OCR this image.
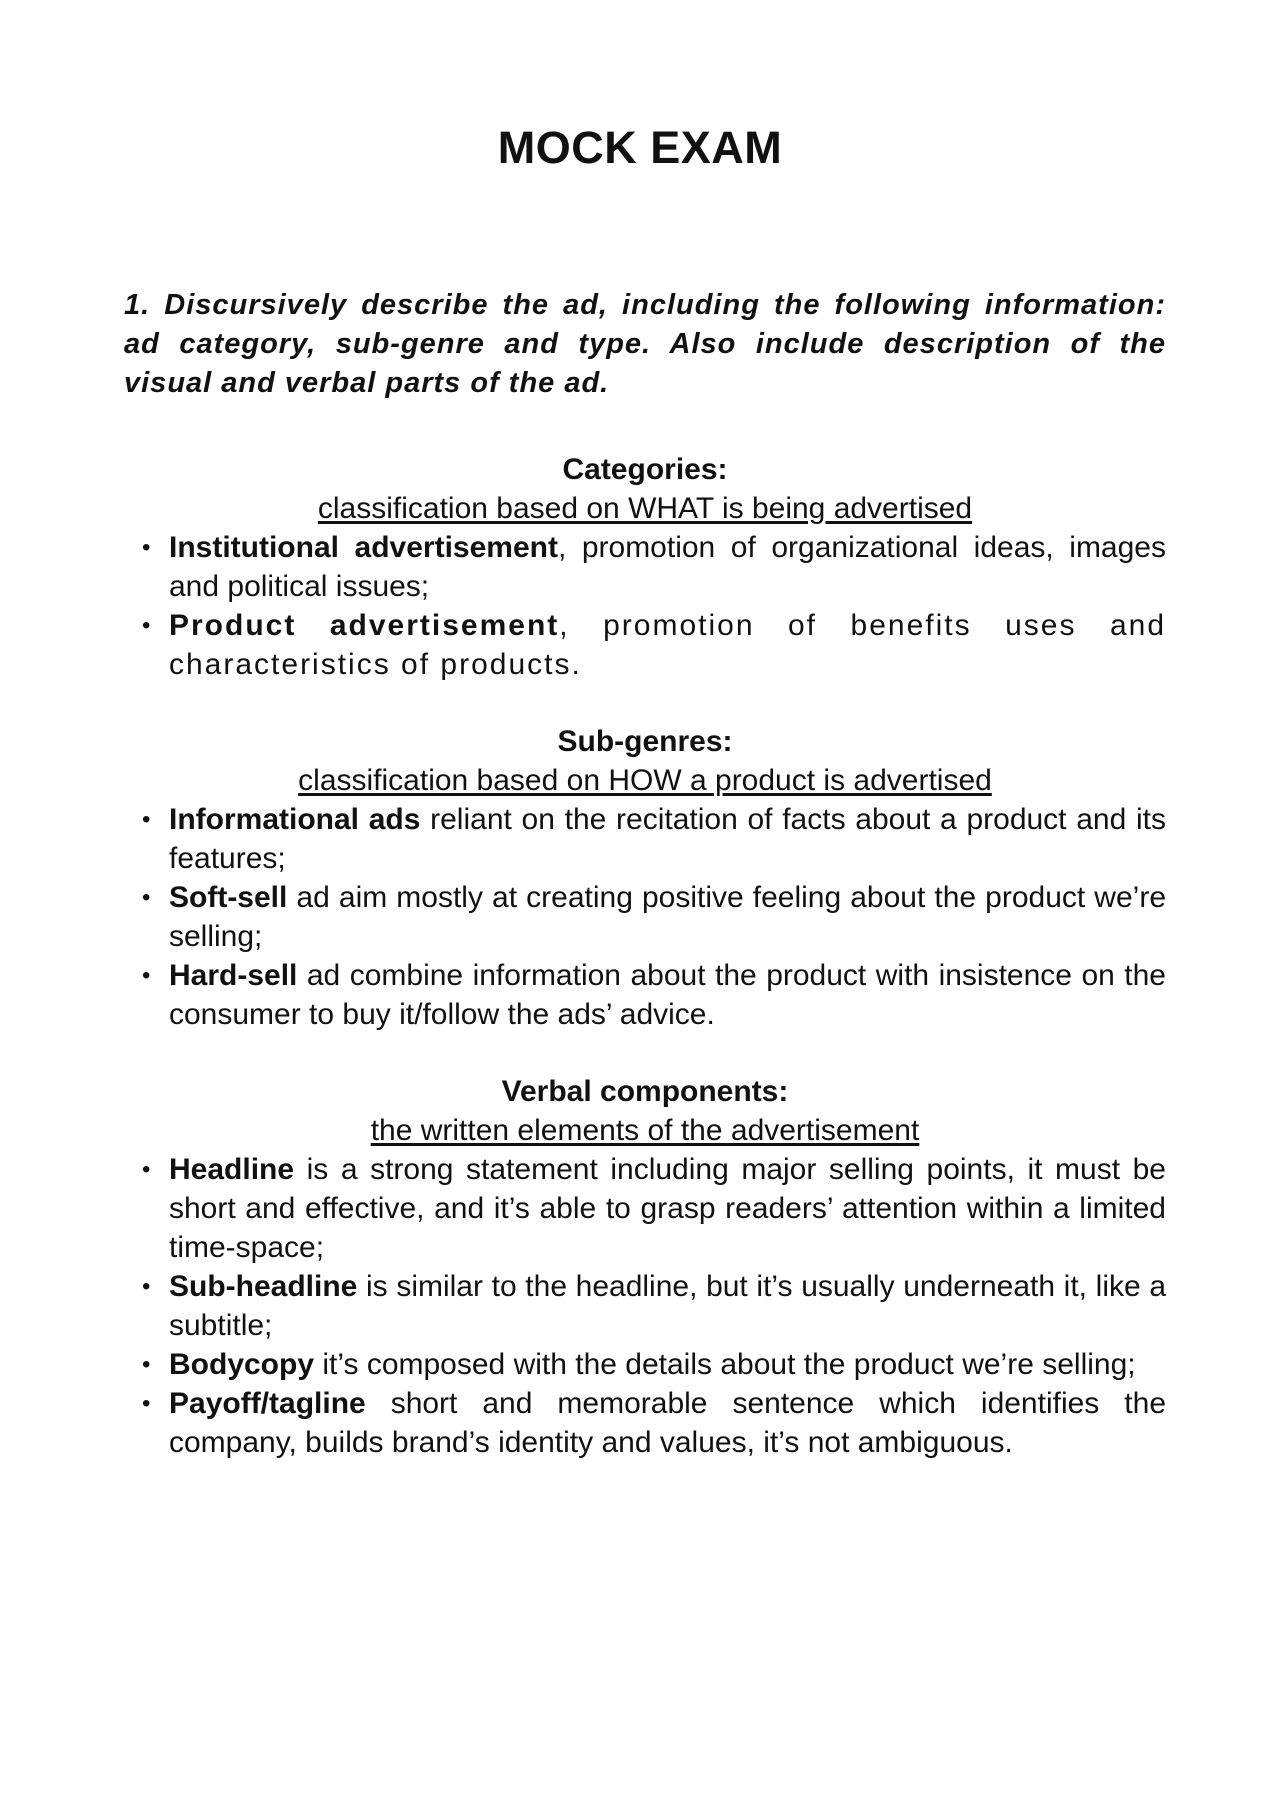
MOCK EXAM

1. Discursively describe the ad, including the following information: ad category, sub-genre and type. Also include description of the visual and verbal parts of the ad.

Categories:

classification based on WHAT is being advertised

• Institutional advertisement, promotion of organizational ideas, images and political issues;
• Product advertisement, promotion of benefits uses and characteristics of products.

Sub-genres:

classification based on HOW a product is advertised

• Informational ads reliant on the recitation of facts about a product and its features;
• Soft-sell ad aim mostly at creating positive feeling about the product we’re selling;
• Hard-sell ad combine information about the product with insistence on the consumer to buy it/follow the ads’ advice.

Verbal components:

the written elements of the advertisement

• Headline is a strong statement including major selling points, it must be short and effective, and it’s able to grasp readers’ attention within a limited time-space;
• Sub-headline is similar to the headline, but it’s usually underneath it, like a subtitle;
• Bodycopy it’s composed with the details about the product we’re selling;
• Payoff/tagline short and memorable sentence which identifies the company, builds brand’s identity and values, it’s not ambiguous.
